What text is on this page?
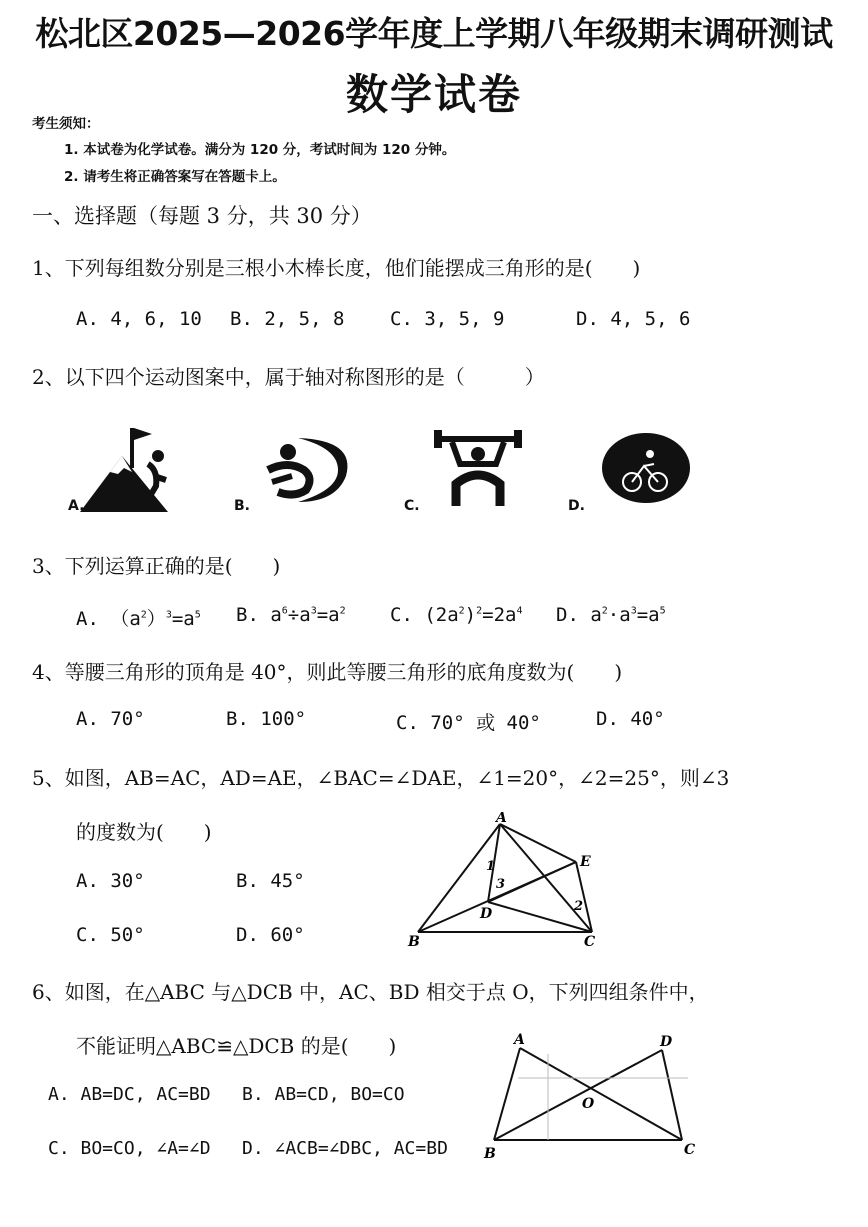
松北区2025—2026学年度上学期八年级期末调研测试
数学试卷
考生须知：
1. 本试卷为化学试卷。满分为 120 分，考试时间为 120 分钟。
2. 请考生将正确答案写在答题卡上。
一、选择题（每题 3 分，共 30 分）
1、下列每组数分别是三根小木棒长度，他们能摆成三角形的是(　　)
A. 4, 6, 10 B. 2, 5, 8 C. 3, 5, 9	D. 4, 5, 6
2、以下四个运动图案中，属于轴对称图形的是（　　　）
A.	B.	C.	D.
3、下列运算正确的是(　　)
A. $(a^2)^3=a^5$ B. $a^6\div a^3=a^2$ C. $(2a^2)^2=2a^4$ D. $a^2\cdot a^3=a^5$
4、等腰三角形的顶角是 40°，则此等腰三角形的底角度数为(　　)
A. 70°	B. 100°	C. 70° 或 40°	D. 40°
5、如图，AB=AC，AD=AE，∠BAC=∠DAE，∠1=20°，∠2=25°，则∠3
的度数为(　　)
A. 30°	B. 45°
C. 50°	D. 60°
A
B	C
D
E
1
2
3
6、如图，在△ABC 与△DCB 中，AC、BD 相交于点 O，下列四组条件中，
不能证明△ABC≌△DCB 的是(　　)
A. AB=DC, AC=BD B. AB=CD, BO=CO
C. BO=CO, ∠A=∠D D. ∠ACB=∠DBC, AC=BD
A
B	C
D
O
